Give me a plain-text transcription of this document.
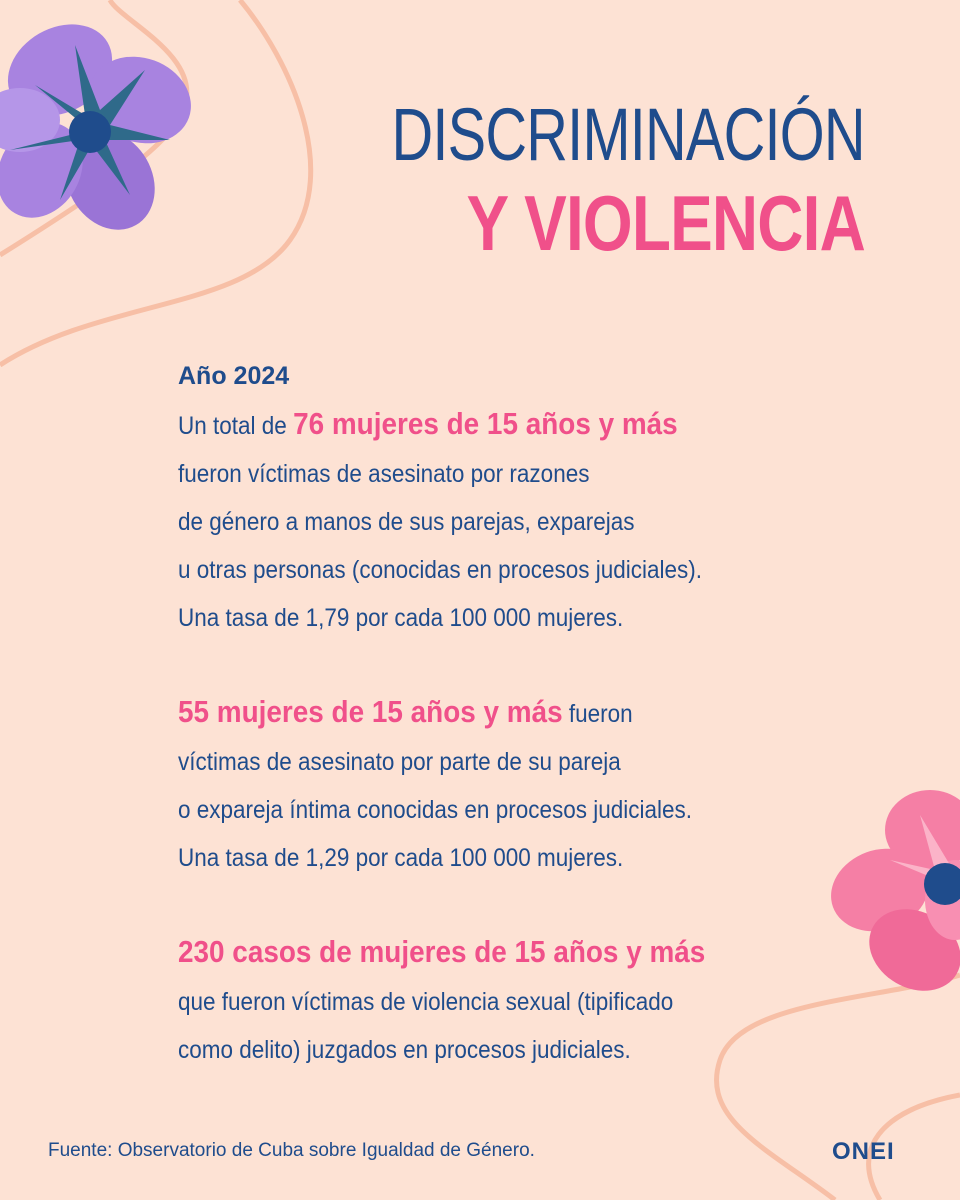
DISCRIMINACIÓN
Y VIOLENCIA

Año 2024

Un total de 76 mujeres de 15 años y más
fueron víctimas de asesinato por razones
de género a manos de sus parejas, exparejas
u otras personas (conocidas en procesos judiciales).
Una tasa de 1,79 por cada 100 000 mujeres.
55 mujeres de 15 años y más fueron
víctimas de asesinato por parte de su pareja
o expareja íntima conocidas en procesos judiciales.
Una tasa de 1,29 por cada 100 000 mujeres.
230 casos de mujeres de 15 años y más
que fueron víctimas de violencia sexual (tipificado
como delito) juzgados en procesos judiciales.
Fuente: Observatorio de Cuba sobre Igualdad de Género.	ONEI
